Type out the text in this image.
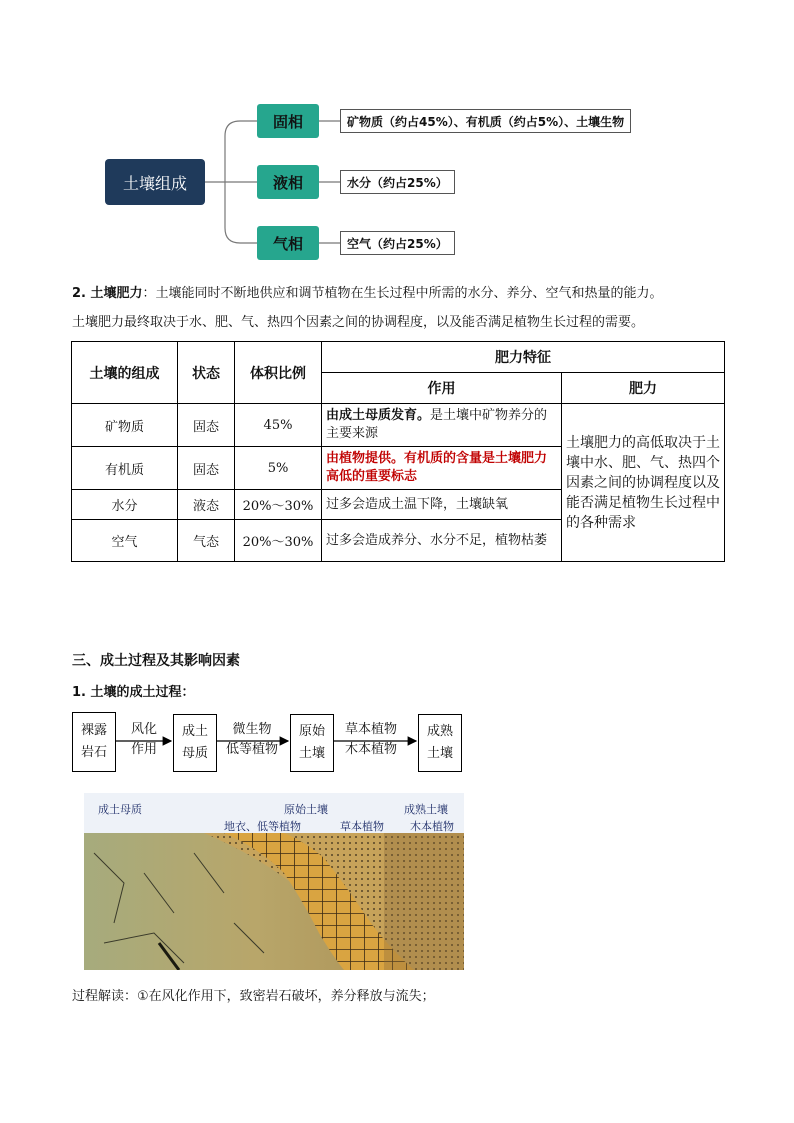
土壤组成
固相
液相
气相
矿物质（约占45%）、有机质（约占5%）、土壤生物
水分（约占25%）
空气（约占25%）
2. 土壤肥力：土壤能同时不断地供应和调节植物在生长过程中所需的水分、养分、空气和热量的能力。
土壤肥力最终取决于水、肥、气、热四个因素之间的协调程度，以及能否满足植物生长过程的需要。
土壤的组成	状态	体积比例	肥力特征	
			作用	肥力
矿物质	固态	45%	由成土母质发育。是土壤中矿物养分的主要来源	土壤肥力的高低取决于土壤中水、肥、气、热四个因素之间的协调程度以及能否满足植物生长过程中的各种需求
有机质	固态	5%	由植物提供。有机质的含量是土壤肥力高低的重要标志	
水分	液态	20%～30%	过多会造成土温下降，土壤缺氧	
空气	气态	20%～30%	过多会造成养分、水分不足，植物枯萎	
三、成土过程及其影响因素
1. 土壤的成土过程：
裸露
岩石
风化
作用
成土
母质
微生物
低等植物
原始
土壤
草本植物
木本植物
成熟
土壤
成土母质	原始土壤	成熟土壤
地衣、低等植物	草本植物 木本植物
过程解读：①在风化作用下，致密岩石破坏，养分释放与流失；
